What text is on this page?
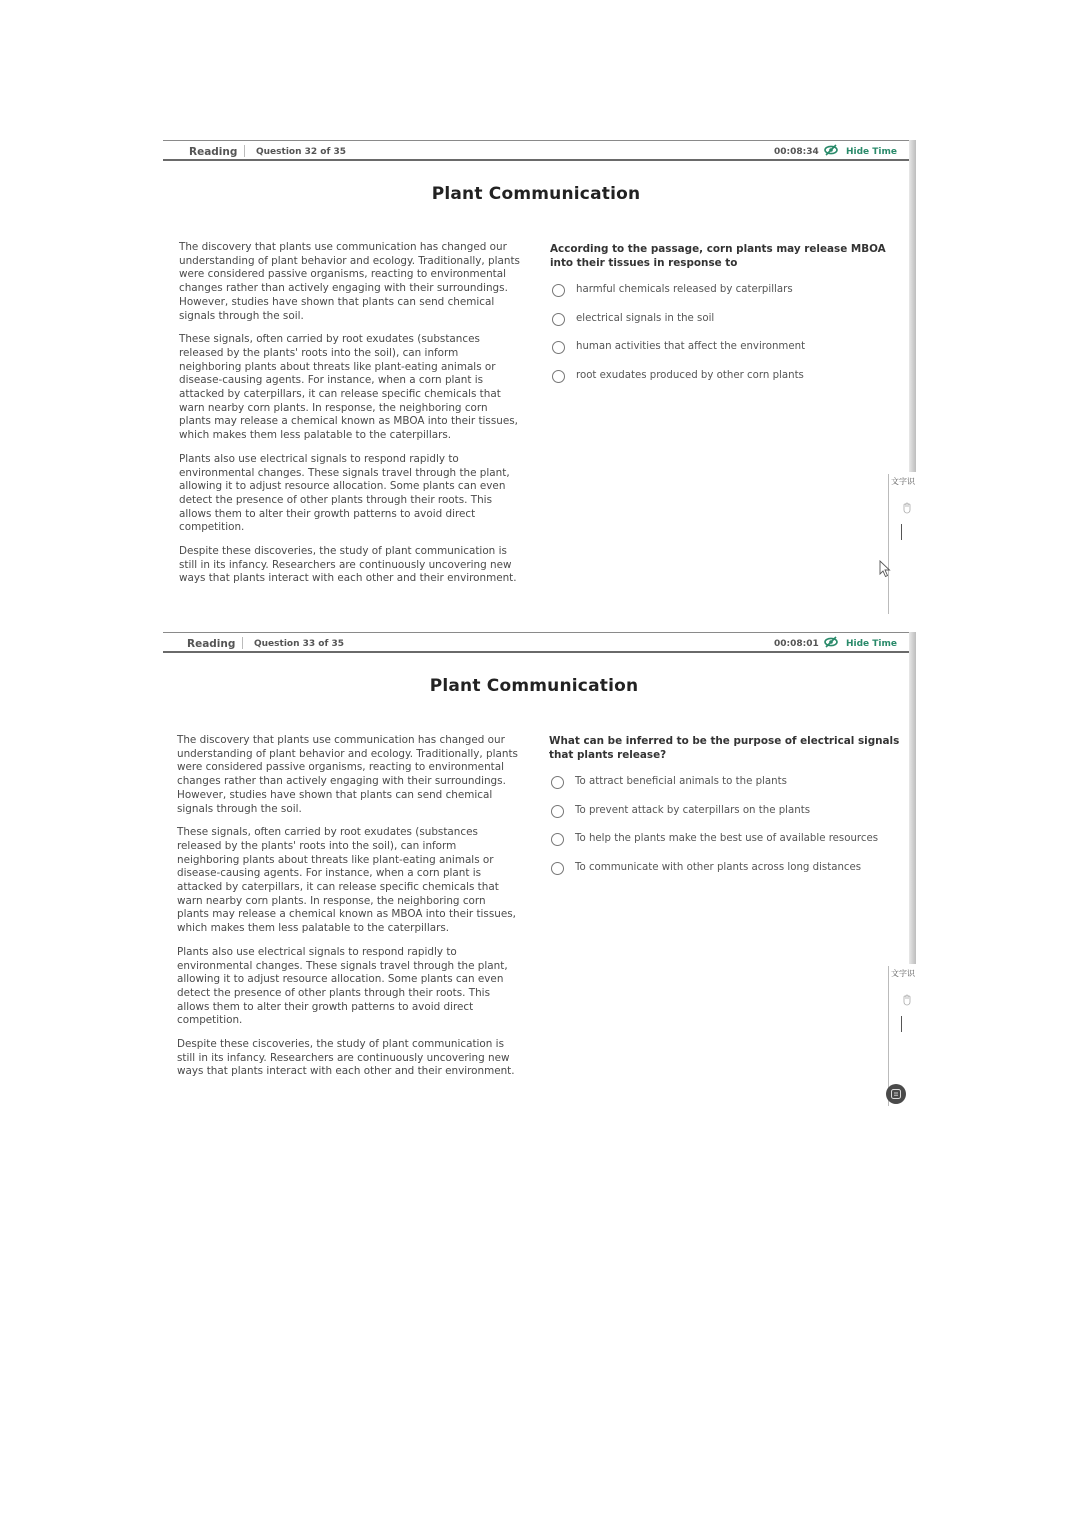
Reading Question 32 of 35	00:08:34	Hide Time
Plant Communication

The discovery that plants use communication has changed our understanding of plant behavior and ecology. Traditionally, plants were considered passive organisms, reacting to environmental changes rather than actively engaging with their surroundings. However, studies have shown that plants can send chemical signals through the soil.

These signals, often carried by root exudates (substances released by the plants' roots into the soil), can inform neighboring plants about threats like plant-eating animals or disease-causing agents. For instance, when a corn plant is attacked by caterpillars, it can release specific chemicals that warn nearby corn plants. In response, the neighboring corn plants may release a chemical known as MBOA into their tissues, which makes them less palatable to the caterpillars.

Plants also use electrical signals to respond rapidly to environmental changes. These signals travel through the plant, allowing it to adjust resource allocation. Some plants can even detect the presence of other plants through their roots. This allows them to alter their growth patterns to avoid direct competition.

Despite these discoveries, the study of plant communication is still in its infancy. Researchers are continuously uncovering new ways that plants interact with each other and their environment.

According to the passage, corn plants may release MBOA into their tissues in response to

harmful chemicals released by caterpillars
electrical signals in the soil
human activities that affect the environment
root exudates produced by other corn plants
文字识
Reading Question 33 of 35	00:08:01	Hide Time
Plant Communication

The discovery that plants use communication has changed our understanding of plant behavior and ecology. Traditionally, plants were considered passive organisms, reacting to environmental changes rather than actively engaging with their surroundings. However, studies have shown that plants can send chemical signals through the soil.

These signals, often carried by root exudates (substances released by the plants' roots into the soil), can inform neighboring plants about threats like plant-eating animals or disease-causing agents. For instance, when a corn plant is attacked by caterpillars, it can release specific chemicals that warn nearby corn plants. In response, the neighboring corn plants may release a chemical known as MBOA into their tissues, which makes them less palatable to the caterpillars.

Plants also use electrical signals to respond rapidly to environmental changes. These signals travel through the plant, allowing it to adjust resource allocation. Some plants can even detect the presence of other plants through their roots. This allows them to alter their growth patterns to avoid direct competition.

Despite these ciscoveries, the study of plant communication is still in its infancy. Researchers are continuously uncovering new ways that plants interact with each other and their environment.

What can be inferred to be the purpose of electrical signals that plants release?

To attract beneficial animals to the plants
To prevent attack by caterpillars on the plants
To help the plants make the best use of available resources
To communicate with other plants across long distances
文字识
